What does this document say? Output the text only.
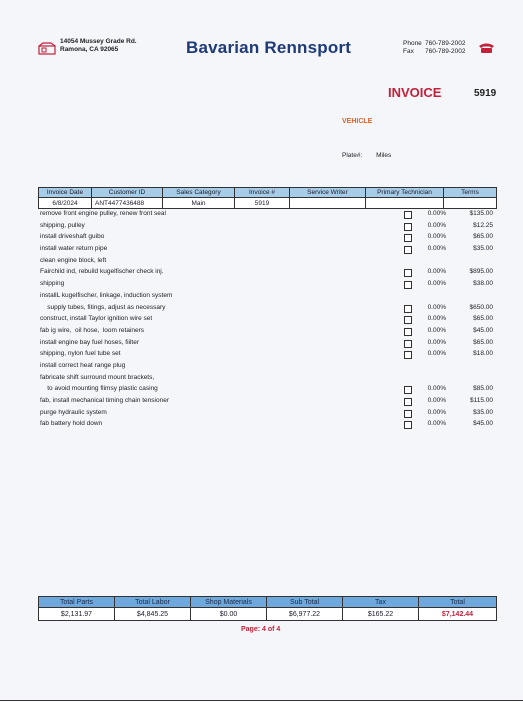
14054 Mussey Grade Rd.
Ramona, CA 92065	Bavarian Rennsport	Phone 760-789-2002
Fax 760-789-2002
INVOICE	5919
VEHICLE
Plate#: Miles
Invoice Date	Customer ID	Sales Category	Invoice #	Service Writer	Primary Technician	Terms
6/8/2024	ANT4477436488	Main	5919			
remove front engine pulley, renew front seal	0.00%	$135.00
shipping, pulley	0.00%	$12.25
install driveshaft guibo	0.00%	$65.00
install water return pipe	0.00%	$35.00
clean engine block, left
Fairchild ind, rebuild kugelfischer check inj.	0.00%	$895.00
shipping	0.00%	$38.00
installL kugelfischer, linkage, induction system
supply tubes, fitings, adjust as necessary	0.00%	$650.00
construct, install Taylor ignition wire set	0.00%	$65.00
fab ig wire,  oil hose,  loom retainers	0.00%	$45.00
install engine bay fuel hoses, fiilter	0.00%	$65.00
shipping, nylon fuel tube set	0.00%	$18.00
install correct heat range plug
fabricate shift surround mount brackets,
to avoid mounting flimsy plastic casing	0.00%	$85.00
fab, install mechanical timing chain tensioner	0.00%	$115.00
purge hydraulic system	0.00%	$35.00
fab battery hold down	0.00%	$45.00
Total Parts	Total Labor	Shop Materials	Sub Total	Tax	Total
$2,131.97	$4,845.25	$0.00	$6,977.22	$165.22	$7,142.44
Page: 4 of 4
